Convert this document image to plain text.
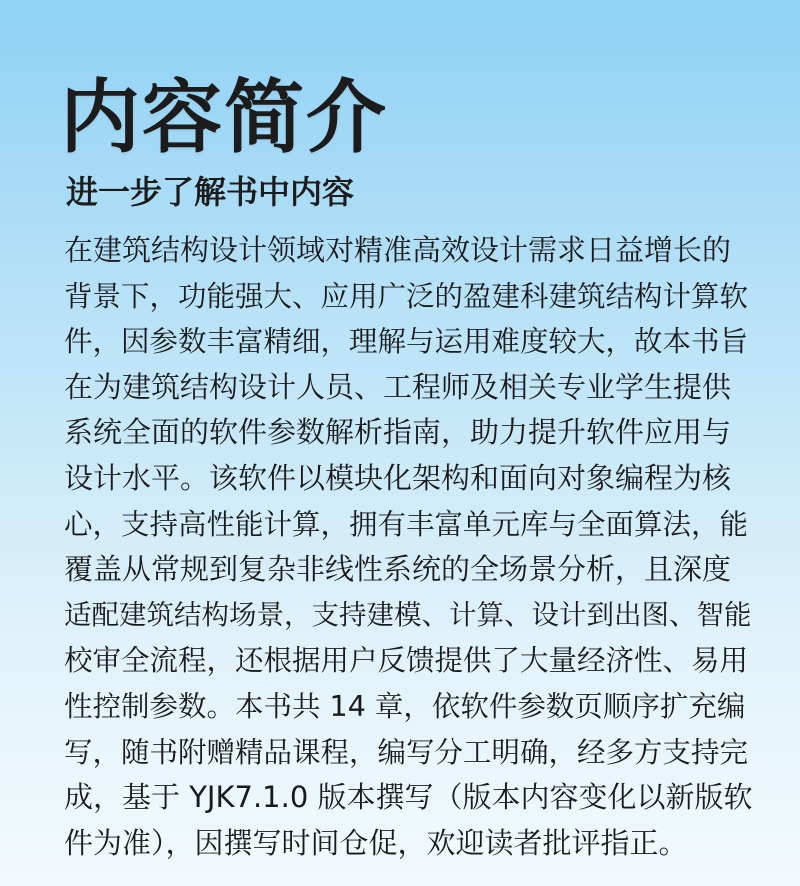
内容简介
进一步了解书中内容
在建筑结构设计领域对精准高效设计需求日益增长的
背景下，功能强大、应用广泛的盈建科建筑结构计算软
件，因参数丰富精细，理解与运用难度较大，故本书旨
在为建筑结构设计人员、工程师及相关专业学生提供
系统全面的软件参数解析指南，助力提升软件应用与
设计水平。该软件以模块化架构和面向对象编程为核
心，支持高性能计算，拥有丰富单元库与全面算法，能
覆盖从常规到复杂非线性系统的全场景分析，且深度
适配建筑结构场景，支持建模、计算、设计到出图、智能
校审全流程，还根据用户反馈提供了大量经济性、易用
性控制参数。本书共 14 章，依软件参数页顺序扩充编
写，随书附赠精品课程，编写分工明确，经多方支持完
成，基于 YJK7.1.0 版本撰写（版本内容变化以新版软
件为准），因撰写时间仓促，欢迎读者批评指正。
